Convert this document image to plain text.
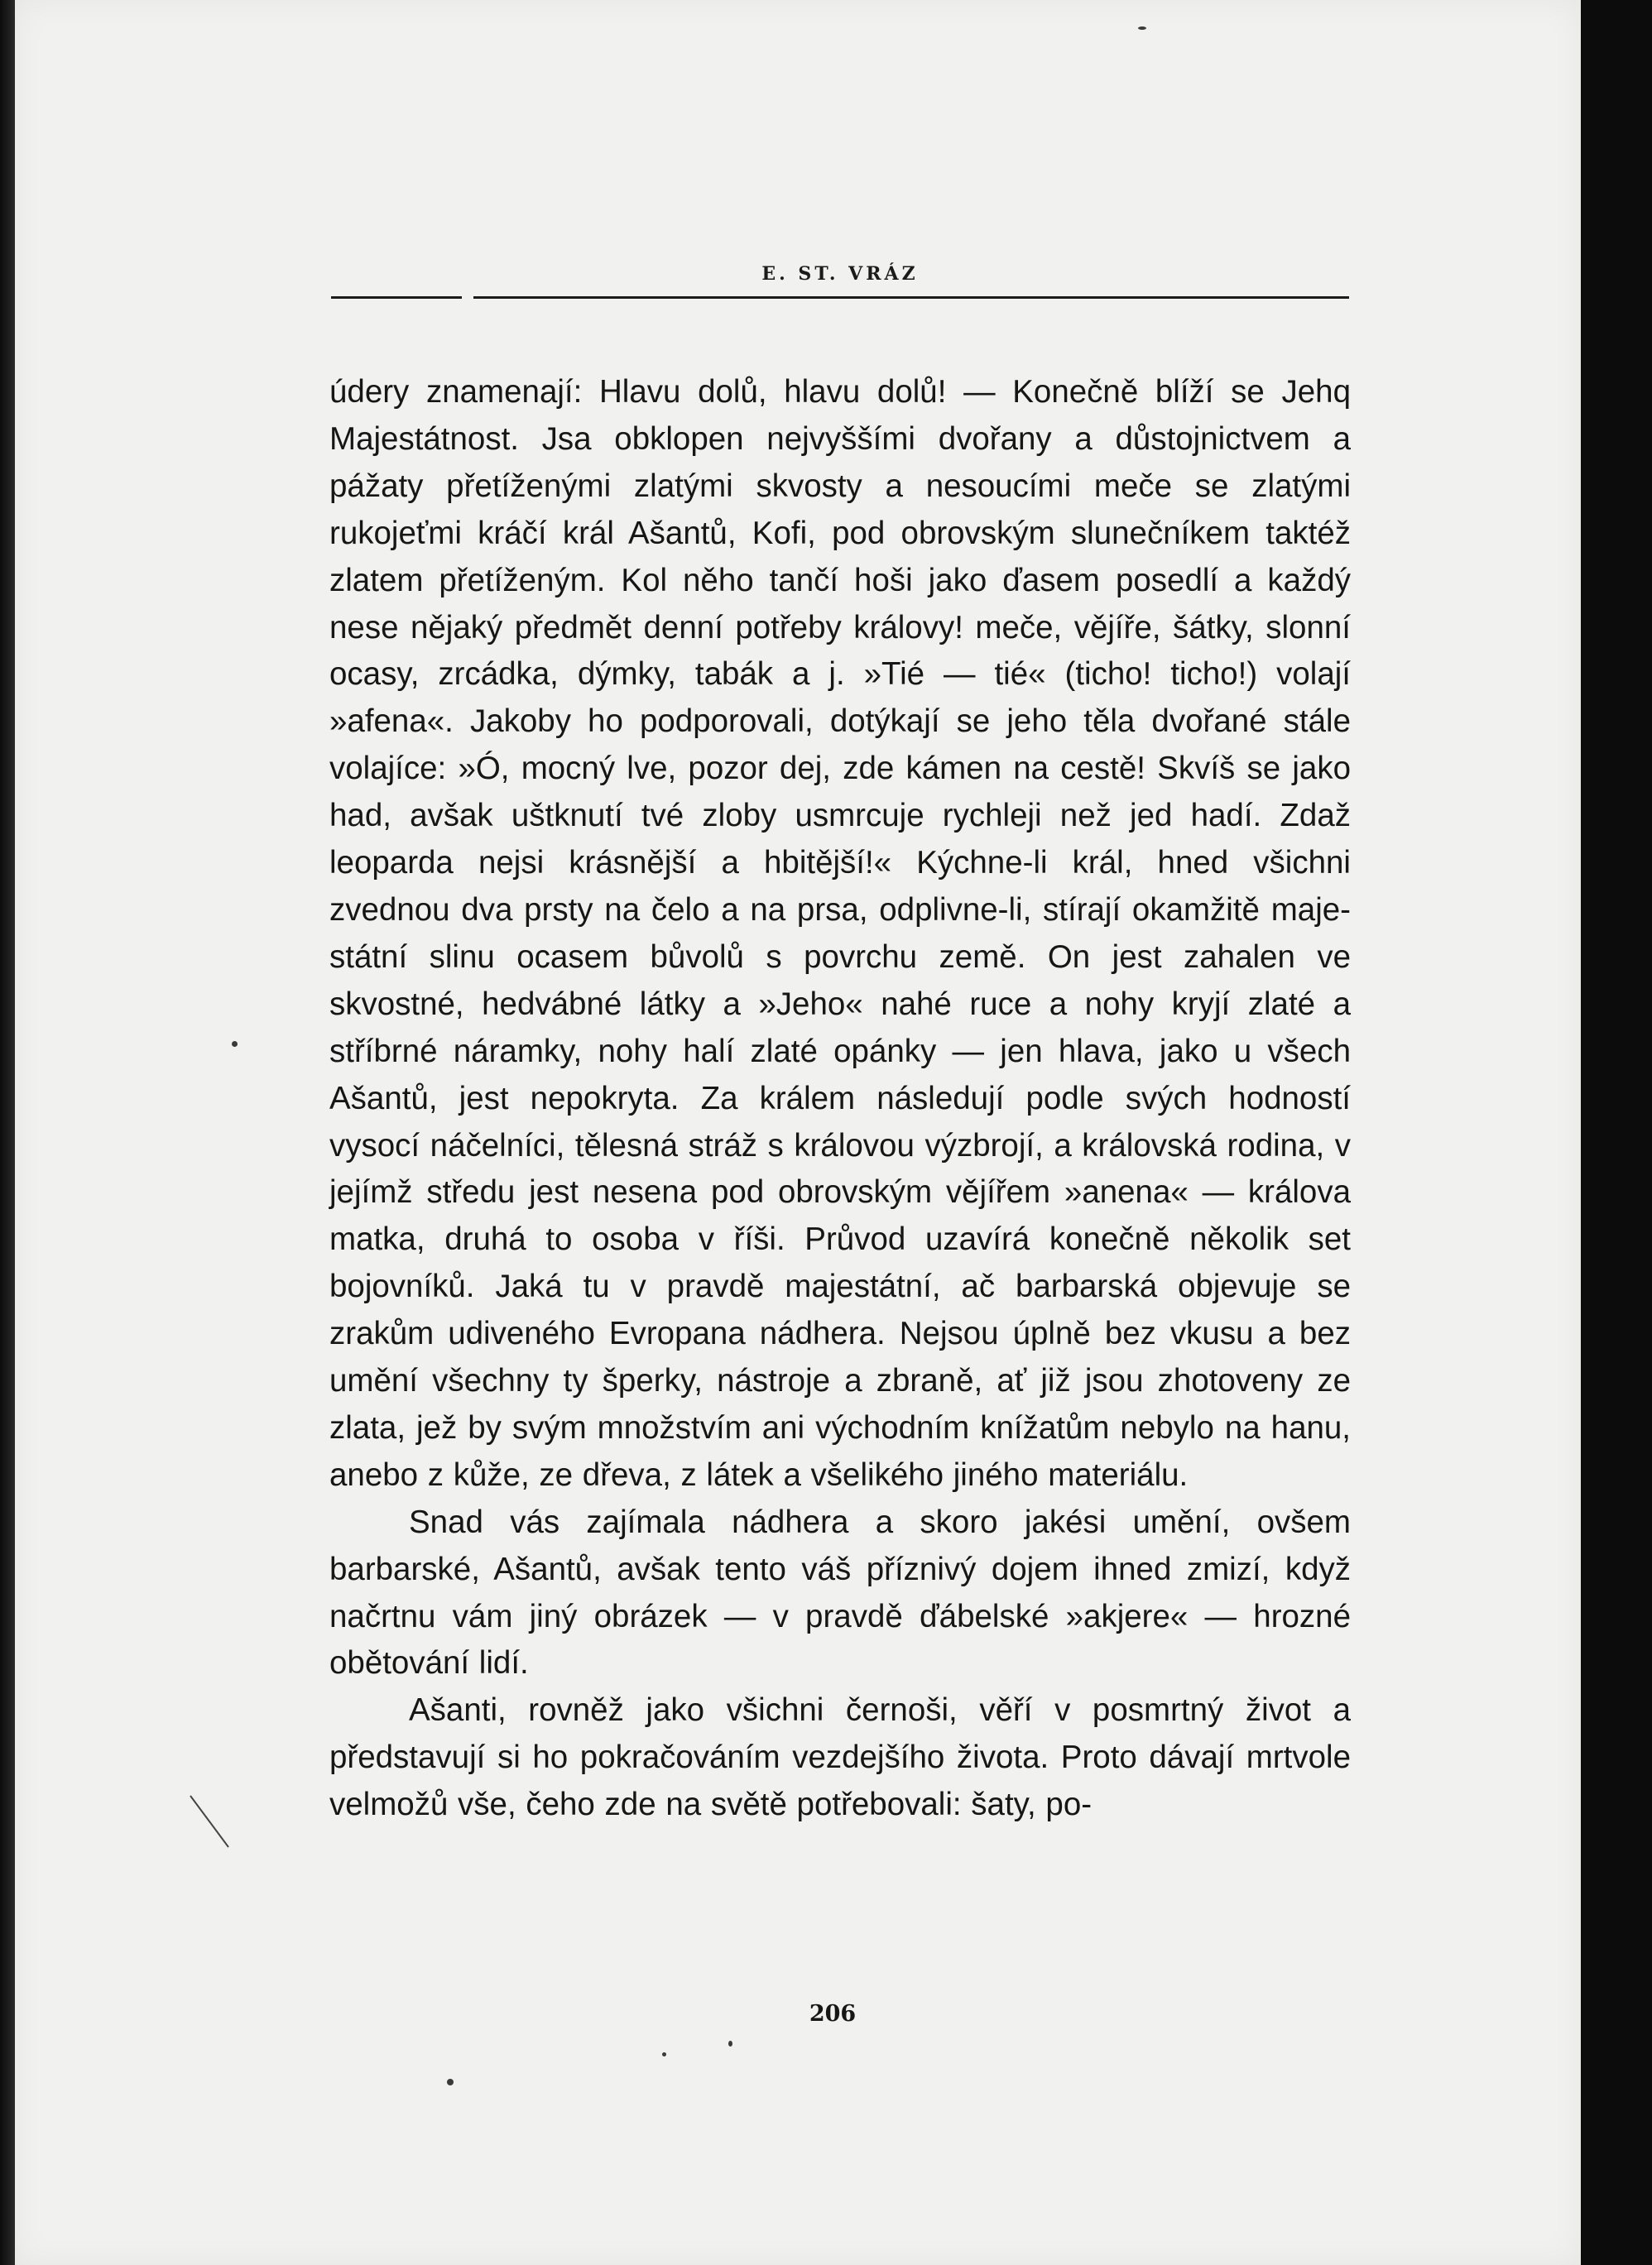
E. ST. VRÁZ

údery znamenají: Hlavu dolů, hlavu dolů! — Konečně blíží se Jehq Majestátnost. Jsa obklopen nejvyššími dvořany a důstojnictvem a pážaty přetíženými zlatými skvosty a nesoucími meče se zlatými rukojeťmi kráčí král Ašantů, Kofi, pod obrovským slunečníkem taktéž zlatem přetíženým. Kol něho tančí hoši jako ďasem posedlí a každý nese nějaký předmět denní potřeby královy! meče, vějíře, šátky, slonní ocasy, zrcádka, dýmky, tabák a j. »Tié — tié« (ticho! ticho!) volají »afena«. Jakoby ho podporovali, dotýkají se jeho těla dvořané stále volajíce: »Ó, mocný lve, pozor dej, zde kámen na cestě! Skvíš se jako had, avšak uštknutí tvé zloby usmrcuje rychleji než jed hadí. Zdaž leoparda nejsi krásnější a hbitější!« Kýchne-li král, hned všichni zvednou dva prsty na čelo a na prsa, odplivne-li, stírají okamžitě majestátní slinu ocasem bůvolů s povrchu země. On jest zahalen ve skvostné, hedvábné látky a »Jeho« nahé ruce a nohy kryjí zlaté a stříbrné náramky, nohy halí zlaté opánky — jen hlava, jako u všech Ašantů, jest nepokryta. Za králem následují podle svých hodností vysocí náčelníci, tělesná stráž s královou výzbrojí, a královská rodina, v jejímž středu jest nesena pod obrovským vějířem »anena« — králova matka, druhá to osoba v říši. Průvod uzavírá konečně několik set bojovníků. Jaká tu v pravdě majestátní, ač barbarská objevuje se zrakům udiveného Evropana nádhera. Nejsou úplně bez vkusu a bez umění všechny ty šperky, nástroje a zbraně, ať již jsou zhotoveny ze zlata, jež by svým množstvím ani východním knížatům nebylo na hanu, anebo z kůže, ze dřeva, z látek a všelikého jiného materiálu.

Snad vás zajímala nádhera a skoro jakési umění, ovšem barbarské, Ašantů, avšak tento váš příznivý dojem ihned zmizí, když načrtnu vám jiný obrázek — v pravdě ďábelské »akjere« — hrozné obětování lidí.

Ašanti, rovněž jako všichni černoši, věří v posmrtný život a představují si ho pokračováním vezdejšího života. Proto dávají mrtvole velmožů vše, čeho zde na světě potřebovali: šaty, po-

206
